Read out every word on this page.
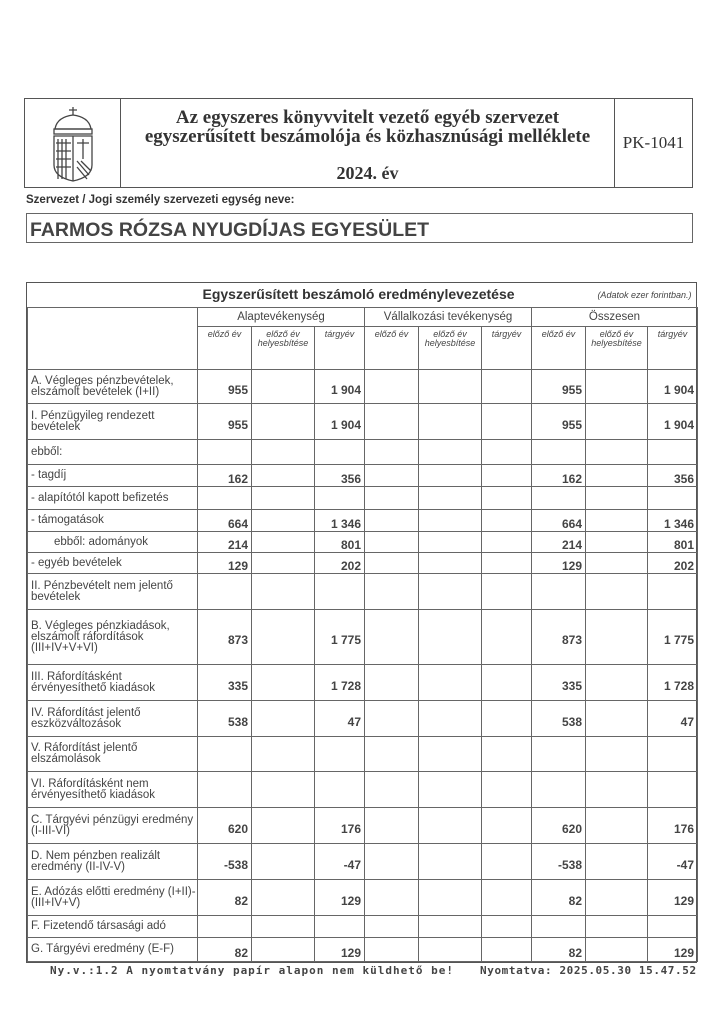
Az egyszeres könyvvitelt vezető egyéb szervezet
egyszerűsített beszámolója és közhasznúsági melléklete
2024. év
PK-1041
Szervezet / Jogi személy szervezeti egység neve:
FARMOS RÓZSA NYUGDÍJAS EGYESÜLET
Egyszerűsített beszámoló eredménylevezetése (Adatok ezer forintban.)									

	Alaptevékenység			Vállalkozási tevékenység			Összesen		
	előző év	előző év helyesbítése	tárgyév	előző év	előző év helyesbítése	tárgyév	előző év	előző év helyesbítése	tárgyév
A. Végleges pénzbevételek, elszámolt bevételek (I+II)	955		1 904				955		1 904
I. Pénzügyileg rendezett bevételek	955		1 904				955		1 904
ebből:									
- tagdíj	162		356				162		356
- alapítótól kapott befizetés									
- támogatások	664		1 346				664		1 346
ebből: adományok	214		801				214		801
- egyéb bevételek	129		202				129		202
II. Pénzbevételt nem jelentő bevételek									
B. Végleges pénzkiadások, elszámolt ráfordítások (III+IV+V+VI)	873		1 775				873		1 775
III. Ráfordításként érvényesíthető kiadások	335		1 728				335		1 728
IV. Ráfordítást jelentő eszközváltozások	538		47				538		47
V. Ráfordítást jelentő elszámolások									
VI. Ráfordításként nem érvényesíthető kiadások									
C. Tárgyévi pénzügyi eredmény (I-III-VI)	620		176				620		176
D. Nem pénzben realizált eredmény (II-IV-V)	-538		-47				-538		-47
E. Adózás előtti eredmény (I+II)-(III+IV+V)	82		129				82		129
F. Fizetendő társasági adó									
G. Tárgyévi eredmény (E-F)	82		129				82		129
Ny.v.:1.2 A nyomtatvány papír alapon nem küldhető be! Nyomtatva: 2025.05.30 15.47.52
